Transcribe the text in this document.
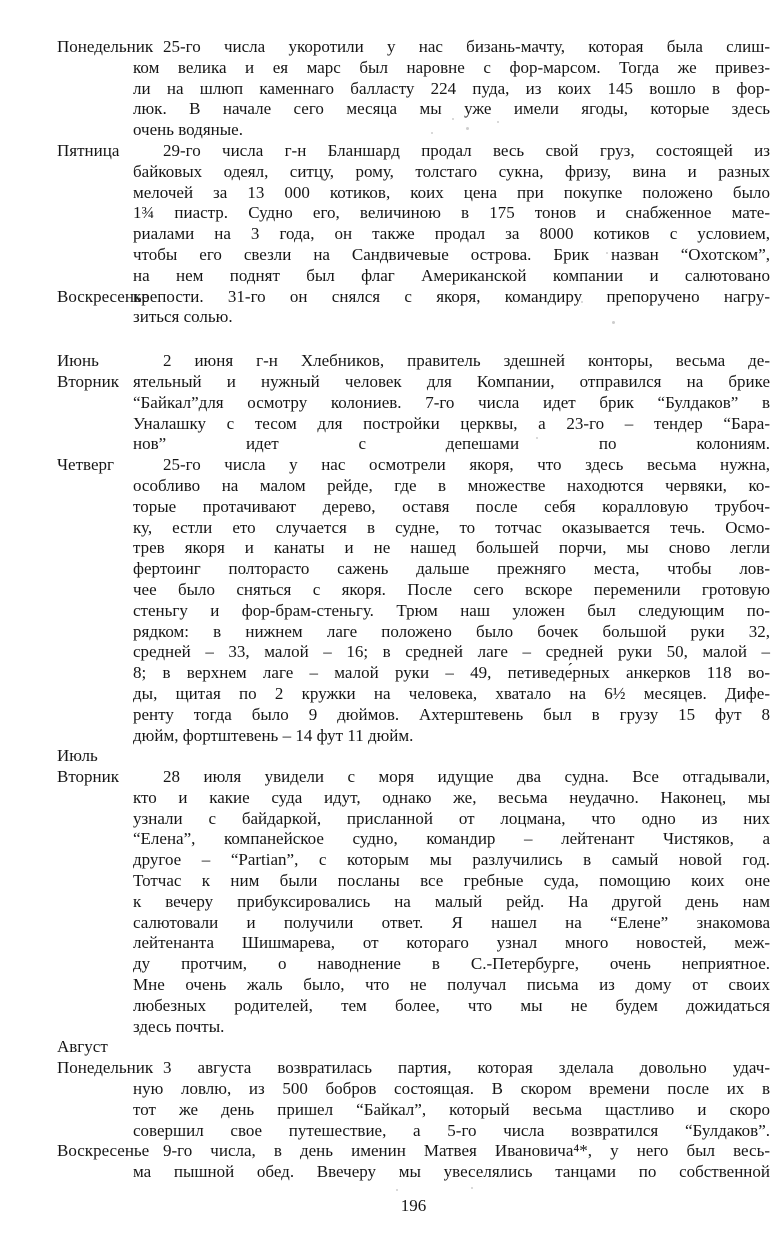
Понедельник 25-го числа укоротили у нас бизань-мачту, которая была слиш-
ком велика и ея марс был наровне с фор-марсом. Тогда же привез-
ли на шлюп каменнаго балласту 224 пуда, из коих 145 вошло в фор-
люк. В начале сего месяца мы уже имели ягоды, которые здесь
очень водяные.
Пятница
Воскресенье
29-го числа г-н Бланшард продал весь свой груз, состоящей из
байковых одеял, ситцу, рому, толстаго сукна, фризу, вина и разных
мелочей за 13 000 котиков, коих цена при покупке положено было
1¾ пиастр. Судно его, величиною в 175 тонов и снабженное мате-
риалами на 3 года, он также продал за 8000 котиков с условием,
чтобы его свезли на Сандвичевые острова. Брик назван “Охотском”,
на нем поднят был флаг Американской компании и салютовано
крепости. 31-го он снялся с якоря, командиру препоручено нагру-
зиться солью.
Июнь
Вторник
2 июня г-н Хлебников, правитель здешней конторы, весьма де-
ятельный и нужный человек для Компании, отправился на брике
“Байкал”для осмотру колониев. 7-го числа идет брик “Булдаков” в
Уналашку с тесом для постройки церквы, а 23-го – тендер “Бара-
нов” идет с депешами по колониям.
Четверг	25-го числа у нас осмотрели якоря, что здесь весьма нужна,
особливо на малом рейде, где в множестве находются червяки, ко-
торые протачивают дерево, оставя после себя коралловую трубоч-
ку, естли ето случается в судне, то тотчас оказывается течь. Осмо-
трев якоря и канаты и не нашед большей порчи, мы сново легли
фертоинг полторасто сажень дальше прежняго места, чтобы лов-
чее было сняться с якоря. После сего вскоре переменили гротовую
стеньгу и фор-брам-стеньгу. Трюм наш уложен был следующим по-
рядком: в нижнем лаге положено было бочек большой руки 32,
средней – 33, малой – 16; в средней лаге – средней руки 50, малой –
8; в верхнем лаге – малой руки – 49, петиведе́рных анкерков 118 во-
ды, щитая по 2 кружки на человека, хватало на 6½ месяцев. Дифе-
ренту тогда было 9 дюймов. Ахтерштевень был в грузу 15 фут 8
дюйм, фортштевень – 14 фут 11 дюйм.
Июль
Вторник	28 июля увидели с моря идущие два судна. Все отгадывали,
кто и какие суда идут, однако же, весьма неудачно. Наконец, мы
узнали с байдаркой, присланной от лоцмана, что одно из них
“Елена”, компанейское судно, командир – лейтенант Чистяков, а
другое – “Partian”, с которым мы разлучились в самый новой год.
Тотчас к ним были посланы все гребные суда, помощию коих оне
к вечеру прибуксировались на малый рейд. На другой день нам
салютовали и получили ответ. Я нашел на “Елене” знакомова
лейтенанта Шишмарева, от котораго узнал много новостей, меж-
ду протчим, о наводнение в С.-Петербурге, очень неприятное.
Мне очень жаль было, что не получал письма из дому от своих
любезных родителей, тем более, что мы не будем дожидаться
здесь почты.
Август
Понедельник 3 августа возвратилась партия, которая зделала довольно удач-
ную ловлю, из 500 бобров состоящая. В скором времени после их в
тот же день пришел “Байкал”, который весьма щастливо и скоро
совершил свое путешествие, а 5-го числа возвратился “Булдаков”.
Воскресенье 9-го числа, в день именин Матвея Ивановича⁴*, у него был весь-
ма пышной обед. Ввечеру мы увеселялись танцами по собственной
196
